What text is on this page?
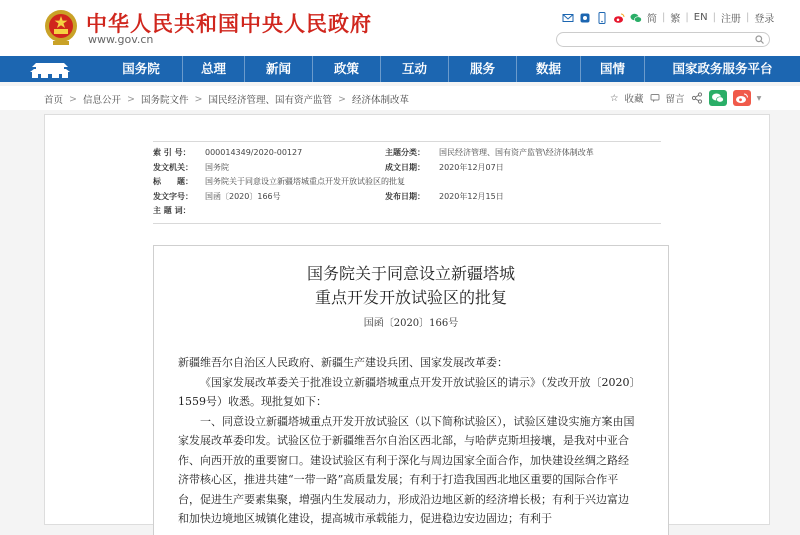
中华人民共和国中央人民政府
www.gov.cn
简 | 繁 | EN | 注册 | 登录
国务院	总理	新闻	政策	互动	服务	数据	国情	国家政务服务平台
首页 > 信息公开 > 国务院文件 > 国民经济管理、国有资产监管 > 经济体制改革	☆ 收藏 留言	▾
索 引 号：	000014349/2020-00127	主题分类：	国民经济管理、国有资产监管\经济体制改革
发文机关：	国务院	成文日期：	2020年12月07日
标　　题：	国务院关于同意设立新疆塔城重点开发开放试验区的批复
发文字号：	国函〔2020〕166号	发布日期：	2020年12月15日
主 题 词：
国务院关于同意设立新疆塔城
重点开发开放试验区的批复
国函〔2020〕166号

新疆维吾尔自治区人民政府、新疆生产建设兵团、国家发展改革委：

《国家发展改革委关于批准设立新疆塔城重点开发开放试验区的请示》（发改开放〔2020〕1559号）收悉。现批复如下：

一、同意设立新疆塔城重点开发开放试验区（以下简称试验区），试验区建设实施方案由国家发展改革委印发。试验区位于新疆维吾尔自治区西北部，与哈萨克斯坦接壤，是我对中亚合作、向西开放的重要窗口。建设试验区有利于深化与周边国家全面合作，加快建设丝绸之路经济带核心区，推进共建“一带一路”高质量发展；有利于打造我国西北地区重要的国际合作平台，促进生产要素集聚，增强内生发展动力，形成沿边地区新的经济增长极；有利于兴边富边和加快边境地区城镇化建设，提高城市承载能力，促进稳边安边固边；有利于
